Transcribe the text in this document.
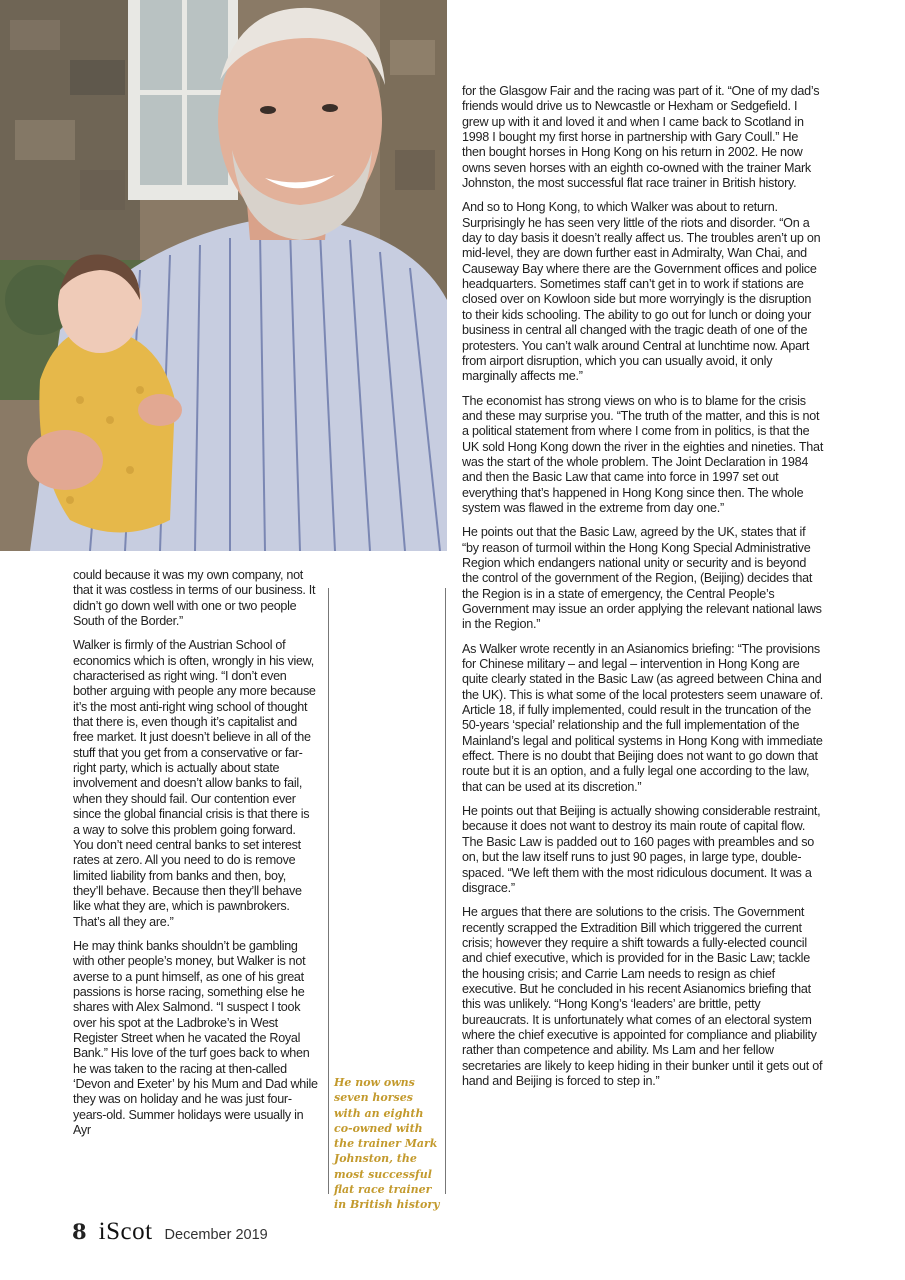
could because it was my own company, not that it was costless in terms of our business. It didn’t go down well with one or two people South of the Border.”

Walker is firmly of the Austrian School of economics which is often, wrongly in his view, characterised as right wing. “I don’t even bother arguing with people any more because it’s the most anti-right wing school of thought that there is, even though it’s capitalist and free market. It just doesn’t believe in all of the stuff that you get from a conservative or far-right party, which is actually about state involvement and doesn’t allow banks to fail, when they should fail. Our contention ever since the global financial crisis is that there is a way to solve this problem going forward. You don’t need central banks to set interest rates at zero. All you need to do is remove limited liability from banks and then, boy, they’ll behave. Because then they’ll behave like what they are, which is pawnbrokers. That’s all they are.”

He may think banks shouldn’t be gambling with other people’s money, but Walker is not averse to a punt himself, as one of his great passions is horse racing, something else he shares with Alex Salmond. “I suspect I took over his spot at the Ladbroke’s in West Register Street when he vacated the Royal Bank.” His love of the turf goes back to when he was taken to the racing at then-called ‘Devon and Exeter’ by his Mum and Dad while they was on holiday and he was just four-years-old. Summer holidays were usually in Ayr

He now owns seven horses with an eighth co-owned with the trainer Mark Johnston, the most successful flat race trainer in British history

for the Glasgow Fair and the racing was part of it. “One of my dad’s friends would drive us to Newcastle or Hexham or Sedgefield. I grew up with it and loved it and when I came back to Scotland in 1998 I bought my first horse in partnership with Gary Coull.” He then bought horses in Hong Kong on his return in 2002. He now owns seven horses with an eighth co-owned with the trainer Mark Johnston, the most successful flat race trainer in British history.

And so to Hong Kong, to which Walker was about to return. Surprisingly he has seen very little of the riots and disorder. “On a day to day basis it doesn’t really affect us. The troubles aren’t up on mid-level, they are down further east in Admiralty, Wan Chai, and Causeway Bay where there are the Government offices and police headquarters. Sometimes staff can’t get in to work if stations are closed over on Kowloon side but more worryingly is the disruption to their kids schooling. The ability to go out for lunch or doing your business in central all changed with the tragic death of one of the protesters. You can’t walk around Central at lunchtime now. Apart from airport disruption, which you can usually avoid, it only marginally affects me.”

The economist has strong views on who is to blame for the crisis and these may surprise you. “The truth of the matter, and this is not a political statement from where I come from in politics, is that the UK sold Hong Kong down the river in the eighties and nineties. That was the start of the whole problem. The Joint Declaration in 1984 and then the Basic Law that came into force in 1997 set out everything that’s happened in Hong Kong since then. The whole system was flawed in the extreme from day one.”

He points out that the Basic Law, agreed by the UK, states that if “by reason of turmoil within the Hong Kong Special Administrative Region which endangers national unity or security and is beyond the control of the government of the Region, (Beijing) decides that the Region is in a state of emergency, the Central People’s Government may issue an order applying the relevant national laws in the Region.”

As Walker wrote recently in an Asianomics briefing: “The provisions for Chinese military – and legal – intervention in Hong Kong are quite clearly stated in the Basic Law (as agreed between China and the UK). This is what some of the local protesters seem unaware of. Article 18, if fully implemented, could result in the truncation of the 50-years ‘special’ relationship and the full implementation of the Mainland’s legal and political systems in Hong Kong with immediate effect. There is no doubt that Beijing does not want to go down that route but it is an option, and a fully legal one according to the law, that can be used at its discretion.”

He points out that Beijing is actually showing considerable restraint, because it does not want to destroy its main route of capital flow. The Basic Law is padded out to 160 pages with preambles and so on, but the law itself runs to just 90 pages, in large type, double-spaced. “We left them with the most ridiculous document. It was a disgrace.”

He argues that there are solutions to the crisis. The Government recently scrapped the Extradition Bill which triggered the current crisis; however they require a shift towards a fully-elected council and chief executive, which is provided for in the Basic Law; tackle the housing crisis; and Carrie Lam needs to resign as chief executive. But he concluded in his recent Asianomics briefing that this was unlikely. “Hong Kong’s ‘leaders’ are brittle, petty bureaucrats. It is unfortunately what comes of an electoral system where the chief executive is appointed for compliance and pliability rather than competence and ability. Ms Lam and her fellow secretaries are likely to keep hiding in their bunker until it gets out of hand and Beijing is forced to step in.”

8 iScot December 2019
